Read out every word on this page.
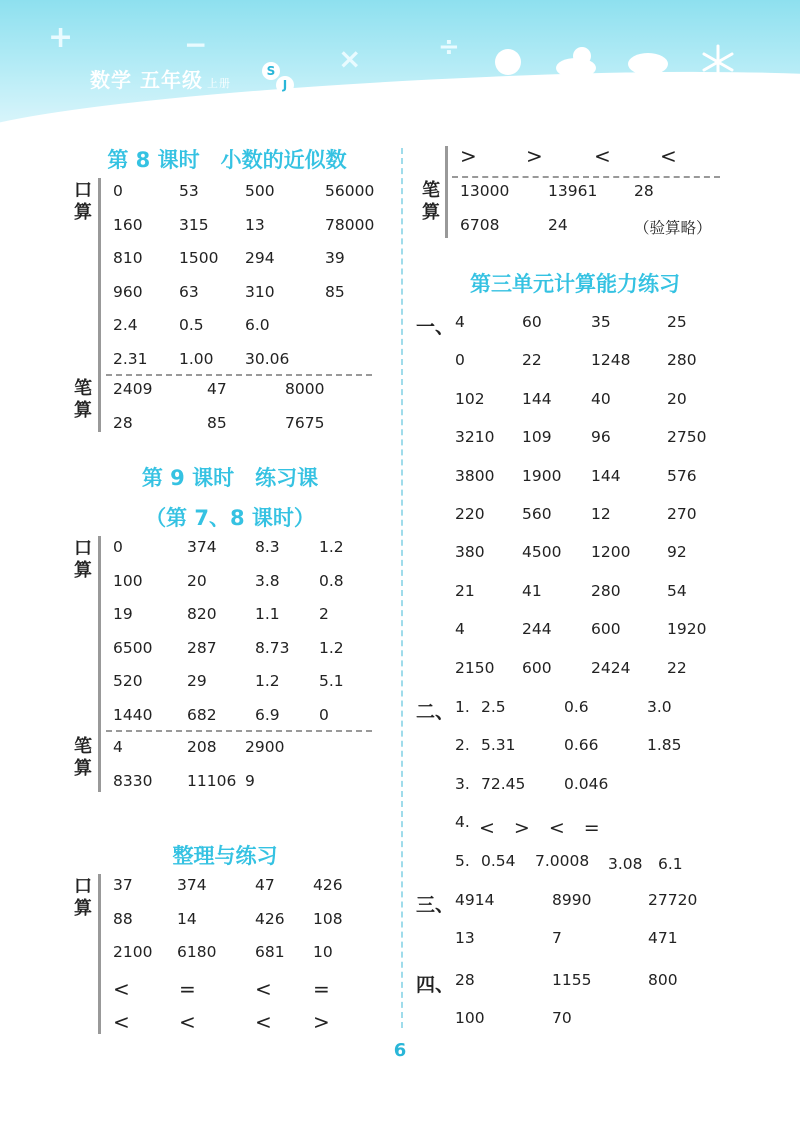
+	−	×	÷
数学 五年级 上册
S
J
第 8 课时　小数的近似数
口算
0	53	500	56000
160 315 13	78000
810 1500 294	39
960 63	310	85
2.4	0.5	6.0
2.31 1.00 30.06
笔算
2409	47	8000
28	85	7675
第 9 课时　练习课
（第 7、8 课时）
口算
0	374 8.3	1.2
100	20	3.8	0.8
19	820 1.1	2
6500 287 8.73 1.2
520	29	1.2	5.1
1440 682 6.9	0
笔算
4	208 2900
8330 11106 9
整理与练习
口算
37	374	47 426
88	14	426 108
2100 6180 681 10
< =	< =
< <	< >
笔算
> >	< <
13000 13961 28
6708	24	（验算略）
第三单元计算能力练习
一、 4	60	35	25
0	22	1248 280
102 144	40	20
3210 109	96	2750
3800 1900 144	576
220 560	12	270
380 4500 1200 92
21	41	280	54
4	244	600	1920
2150 600	2424 22
二、 1. 2.5	0.6	3.0
2. 5.31	0.66	1.85
3. 72.45 0.046
4. <　>　<　=
5. 0.54 7.0008 3.08　6.1
三、 4914	8990	27720
13	7	471
四、 28	1155	800
100	70
6
